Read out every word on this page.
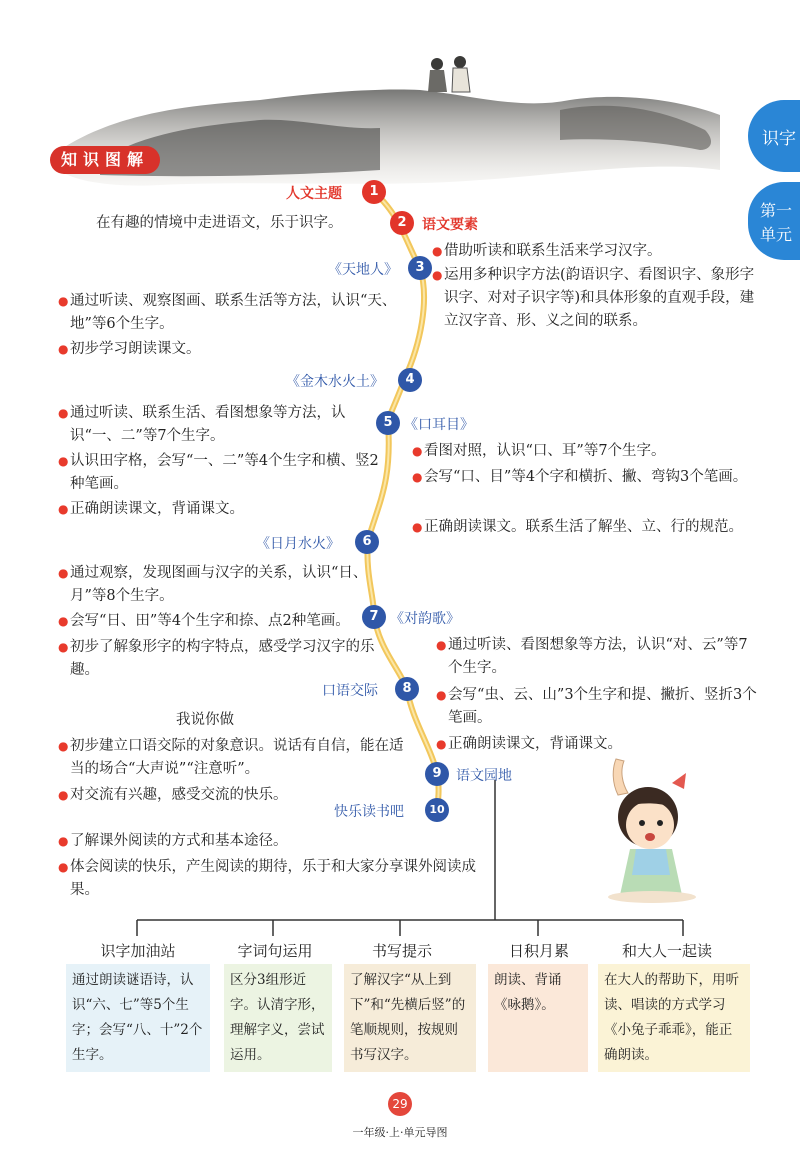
知识图解
识字
第一
单元
1
人文主题
2	语文要素
3
《天地人》
4
《金木水火土》
5 《口耳目》
6
《日月水火》
7 《对韵歌》
8
口语交际
9	语文园地
10
快乐读书吧
在有趣的情境中走进语文，乐于识字。
● 借助听读和联系生活来学习汉字。
● 运用多种识字方法(韵语识字、看图识字、象形字识字、对对子识字等)和具体形象的直观手段，建立汉字音、形、义之间的联系。
● 通过听读、观察图画、联系生活等方法，认识“天、地”等6个生字。
● 初步学习朗读课文。
● 通过听读、联系生活、看图想象等方法，认识“一、二”等7个生字。
● 认识田字格，会写“一、二”等4个生字和横、竖2种笔画。
● 正确朗读课文，背诵课文。
● 看图对照，认识“口、耳”等7个生字。
● 会写“口、目”等4个字和横折、撇、弯钩3个笔画。
● 正确朗读课文。联系生活了解坐、立、行的规范。
● 通过观察，发现图画与汉字的关系，认识“日、月”等8个生字。
● 会写“日、田”等4个生字和捺、点2种笔画。
● 初步了解象形字的构字特点，感受学习汉字的乐趣。
● 通过听读、看图想象等方法，认识“对、云”等7个生字。
● 会写“虫、云、山”3个生字和提、撇折、竖折3个笔画。
● 正确朗读课文，背诵课文。
我说你做
● 初步建立口语交际的对象意识。说话有自信，能在适当的场合“大声说”“注意听”。
● 对交流有兴趣，感受交流的快乐。
● 了解课外阅读的方式和基本途径。
● 体会阅读的快乐，产生阅读的期待，乐于和大家分享课外阅读成果。
识字加油站
通过朗读谜语诗，认识“六、七”等5个生字；会写“八、十”2个生字。
字词句运用
区分3组形近字。认清字形，理解字义，尝试运用。
书写提示
了解汉字“从上到下”和“先横后竖”的笔顺规则，按规则书写汉字。
日积月累
朗读、背诵《咏鹅》。
和大人一起读
在大人的帮助下，用听读、唱读的方式学习《小兔子乖乖》，能正确朗读。
29
一年级·上·单元导图
